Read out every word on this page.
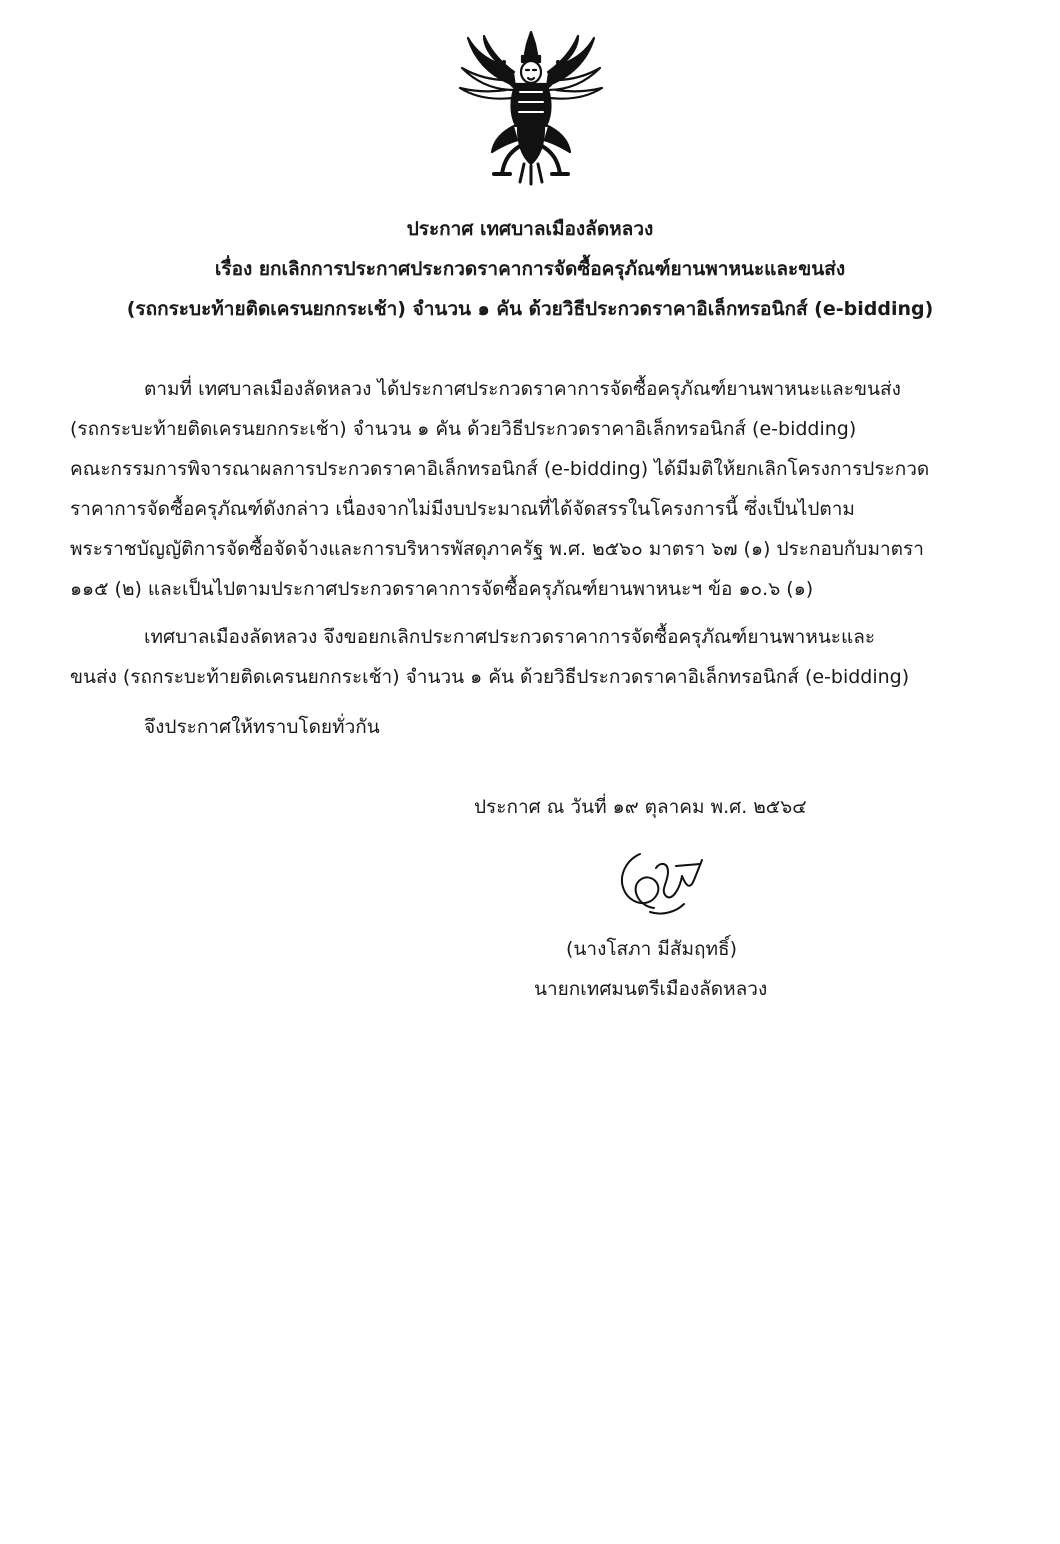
ประกาศ เทศบาลเมืองลัดหลวง
เรื่อง ยกเลิกการประกาศประกวดราคาการจัดซื้อครุภัณฑ์ยานพาหนะและขนส่ง
(รถกระบะท้ายติดเครนยกกระเช้า) จำนวน ๑ คัน ด้วยวิธีประกวดราคาอิเล็กทรอนิกส์ (e-bidding)
ตามที่ เทศบาลเมืองลัดหลวง ได้ประกาศประกวดราคาการจัดซื้อครุภัณฑ์ยานพาหนะและขนส่ง
(รถกระบะท้ายติดเครนยกกระเช้า) จำนวน ๑ คัน ด้วยวิธีประกวดราคาอิเล็กทรอนิกส์ (e-bidding)
คณะกรรมการพิจารณาผลการประกวดราคาอิเล็กทรอนิกส์ (e-bidding) ได้มีมติให้ยกเลิกโครงการประกวด
ราคาการจัดซื้อครุภัณฑ์ดังกล่าว เนื่องจากไม่มีงบประมาณที่ได้จัดสรรในโครงการนี้ ซึ่งเป็นไปตาม
พระราชบัญญัติการจัดซื้อจัดจ้างและการบริหารพัสดุภาครัฐ พ.ศ. ๒๕๖๐ มาตรา ๖๗ (๑) ประกอบกับมาตรา
๑๑๕ (๒) และเป็นไปตามประกาศประกวดราคาการจัดซื้อครุภัณฑ์ยานพาหนะฯ ข้อ ๑๐.๖ (๑)
เทศบาลเมืองลัดหลวง จึงขอยกเลิกประกาศประกวดราคาการจัดซื้อครุภัณฑ์ยานพาหนะและ
ขนส่ง (รถกระบะท้ายติดเครนยกกระเช้า) จำนวน ๑ คัน ด้วยวิธีประกวดราคาอิเล็กทรอนิกส์ (e-bidding)
จึงประกาศให้ทราบโดยทั่วกัน
ประกาศ ณ วันที่ ๑๙ ตุลาคม พ.ศ. ๒๕๖๔
(นางโสภา มีสัมฤทธิ์)
นายกเทศมนตรีเมืองลัดหลวง
